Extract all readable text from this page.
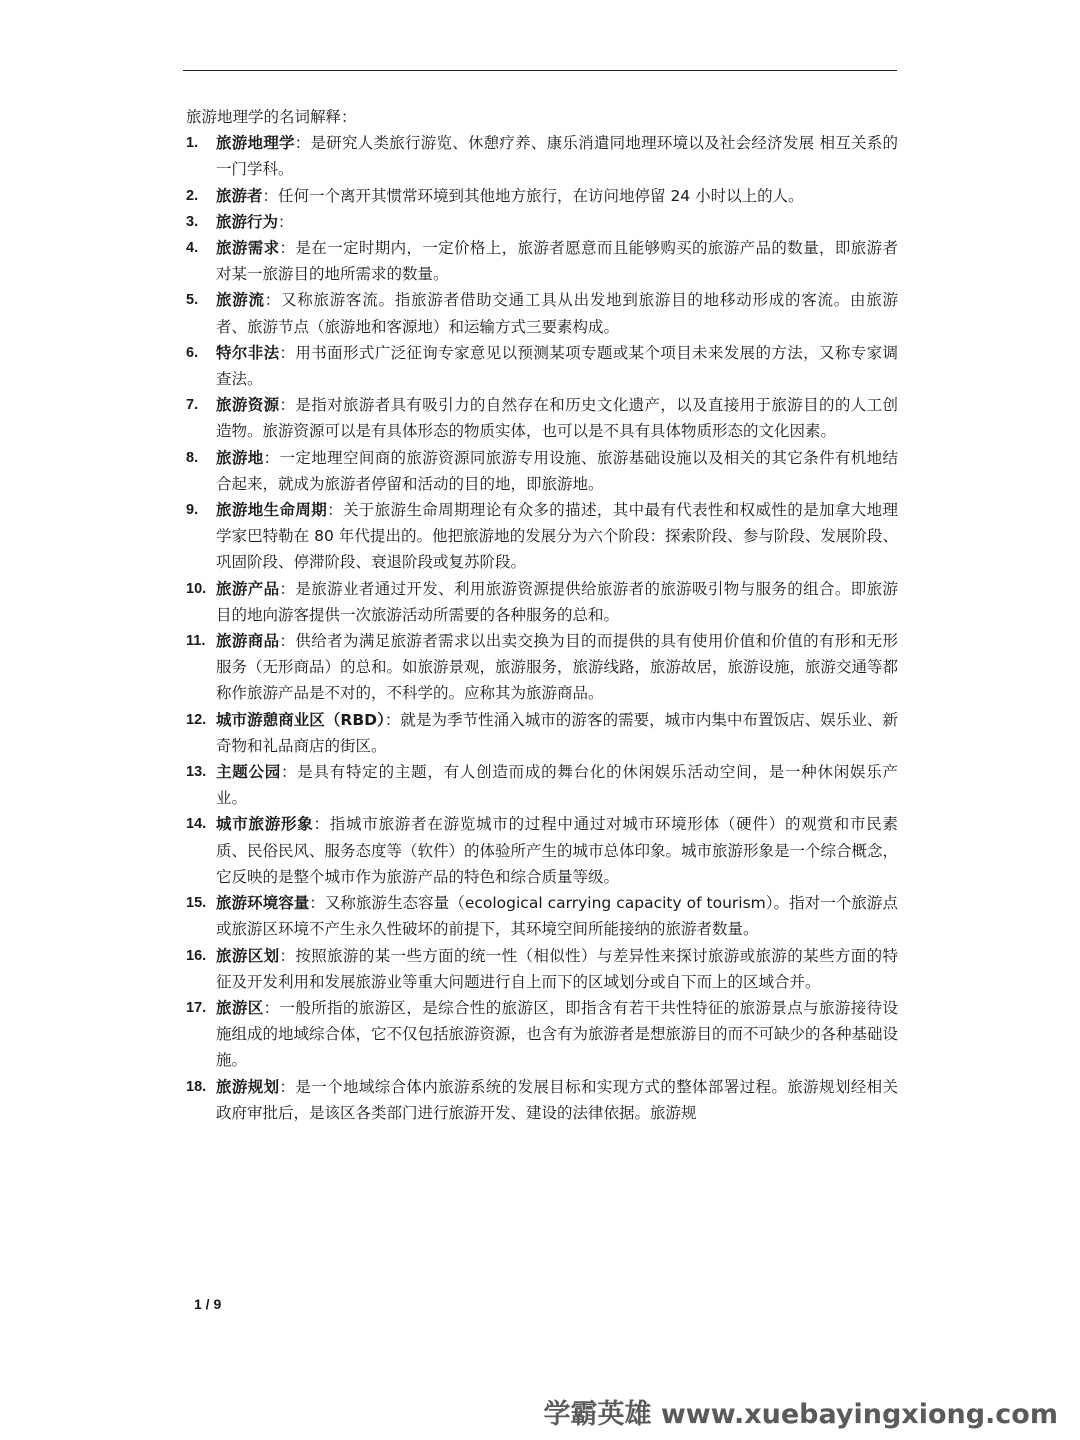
旅游地理学的名词解释：

1. 旅游地理学：是研究人类旅行游览、休憩疗养、康乐消遣同地理环境以及社会经济发展 相互关系的一门学科。
2. 旅游者：任何一个离开其惯常环境到其他地方旅行，在访问地停留 24 小时以上的人。
3. 旅游行为：
4. 旅游需求：是在一定时期内，一定价格上，旅游者愿意而且能够购买的旅游产品的数量，即旅游者对某一旅游目的地所需求的数量。
5. 旅游流：又称旅游客流。指旅游者借助交通工具从出发地到旅游目的地移动形成的客流。由旅游者、旅游节点（旅游地和客源地）和运输方式三要素构成。
6. 特尔非法：用书面形式广泛征询专家意见以预测某项专题或某个项目未来发展的方法，又称专家调查法。
7. 旅游资源：是指对旅游者具有吸引力的自然存在和历史文化遗产，以及直接用于旅游目的的人工创造物。旅游资源可以是有具体形态的物质实体，也可以是不具有具体物质形态的文化因素。
8. 旅游地：一定地理空间商的旅游资源同旅游专用设施、旅游基础设施以及相关的其它条件有机地结合起来，就成为旅游者停留和活动的目的地，即旅游地。
9. 旅游地生命周期：关于旅游生命周期理论有众多的描述，其中最有代表性和权威性的是加拿大地理学家巴特勒在 80 年代提出的。他把旅游地的发展分为六个阶段：探索阶段、参与阶段、发展阶段、巩固阶段、停滞阶段、衰退阶段或复苏阶段。
10. 旅游产品：是旅游业者通过开发、利用旅游资源提供给旅游者的旅游吸引物与服务的组合。即旅游目的地向游客提供一次旅游活动所需要的各种服务的总和。
11. 旅游商品：供给者为满足旅游者需求以出卖交换为目的而提供的具有使用价值和价值的有形和无形服务（无形商品）的总和。如旅游景观，旅游服务，旅游线路，旅游故居，旅游设施，旅游交通等都称作旅游产品是不对的，不科学的。应称其为旅游商品。
12. 城市游憩商业区（RBD）：就是为季节性涌入城市的游客的需要，城市内集中布置饭店、娱乐业、新奇物和礼品商店的街区。
13. 主题公园：是具有特定的主题，有人创造而成的舞台化的休闲娱乐活动空间，是一种休闲娱乐产业。
14. 城市旅游形象：指城市旅游者在游览城市的过程中通过对城市环境形体（硬件）的观赏和市民素质、民俗民风、服务态度等（软件）的体验所产生的城市总体印象。城市旅游形象是一个综合概念，它反映的是整个城市作为旅游产品的特色和综合质量等级。
15. 旅游环境容量：又称旅游生态容量（ecological carrying capacity of tourism）。指对一个旅游点或旅游区环境不产生永久性破坏的前提下，其环境空间所能接纳的旅游者数量。
16. 旅游区划：按照旅游的某一些方面的统一性（相似性）与差异性来探讨旅游或旅游的某些方面的特征及开发利用和发展旅游业等重大问题进行自上而下的区域划分或自下而上的区域合并。
17. 旅游区：一般所指的旅游区，是综合性的旅游区，即指含有若干共性特征的旅游景点与旅游接待设施组成的地域综合体，它不仅包括旅游资源，也含有为旅游者是想旅游目的而不可缺少的各种基础设施。
18. 旅游规划：是一个地域综合体内旅游系统的发展目标和实现方式的整体部署过程。旅游规划经相关政府审批后，是该区各类部门进行旅游开发、建设的法律依据。旅游规

1 / 9

学霸英雄 www.xuebayingxiong.com
